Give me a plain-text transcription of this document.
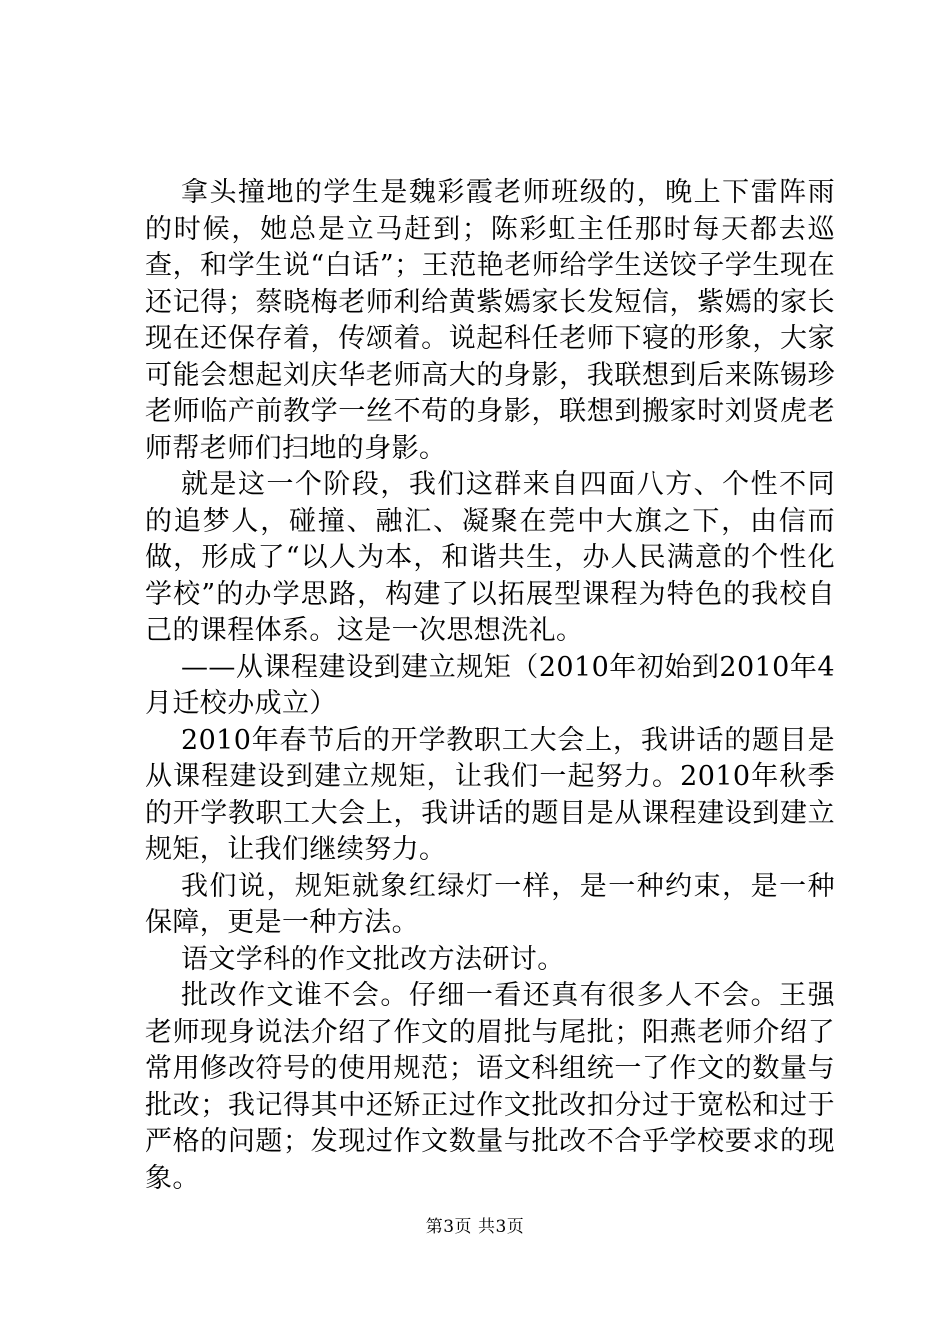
拿头撞地的学生是魏彩霞老师班级的，晚上下雷阵雨的时候，她总是立马赶到；陈彩虹主任那时每天都去巡查，和学生说“白话”；王范艳老师给学生送饺子学生现在还记得；蔡晓梅老师利给黄紫嫣家长发短信，紫嫣的家长现在还保存着，传颂着。说起科任老师下寝的形象，大家可能会想起刘庆华老师高大的身影，我联想到后来陈锡珍老师临产前教学一丝不苟的身影，联想到搬家时刘贤虎老师帮老师们扫地的身影。

就是这一个阶段，我们这群来自四面八方、个性不同的追梦人，碰撞、融汇、凝聚在莞中大旗之下，由信而做，形成了“以人为本，和谐共生，办人民满意的个性化学校”的办学思路，构建了以拓展型课程为特色的我校自己的课程体系。这是一次思想洗礼。

——从课程建设到建立规矩（2010年初始到2010年4月迁校办成立）

2010年春节后的开学教职工大会上，我讲话的题目是从课程建设到建立规矩，让我们一起努力。2010年秋季的开学教职工大会上，我讲话的题目是从课程建设到建立规矩，让我们继续努力。

我们说，规矩就象红绿灯一样，是一种约束，是一种保障，更是一种方法。

语文学科的作文批改方法研讨。

批改作文谁不会。仔细一看还真有很多人不会。王强老师现身说法介绍了作文的眉批与尾批；阳燕老师介绍了常用修改符号的使用规范；语文科组统一了作文的数量与批改；我记得其中还矫正过作文批改扣分过于宽松和过于严格的问题；发现过作文数量与批改不合乎学校要求的现象。

第3页 共3页
